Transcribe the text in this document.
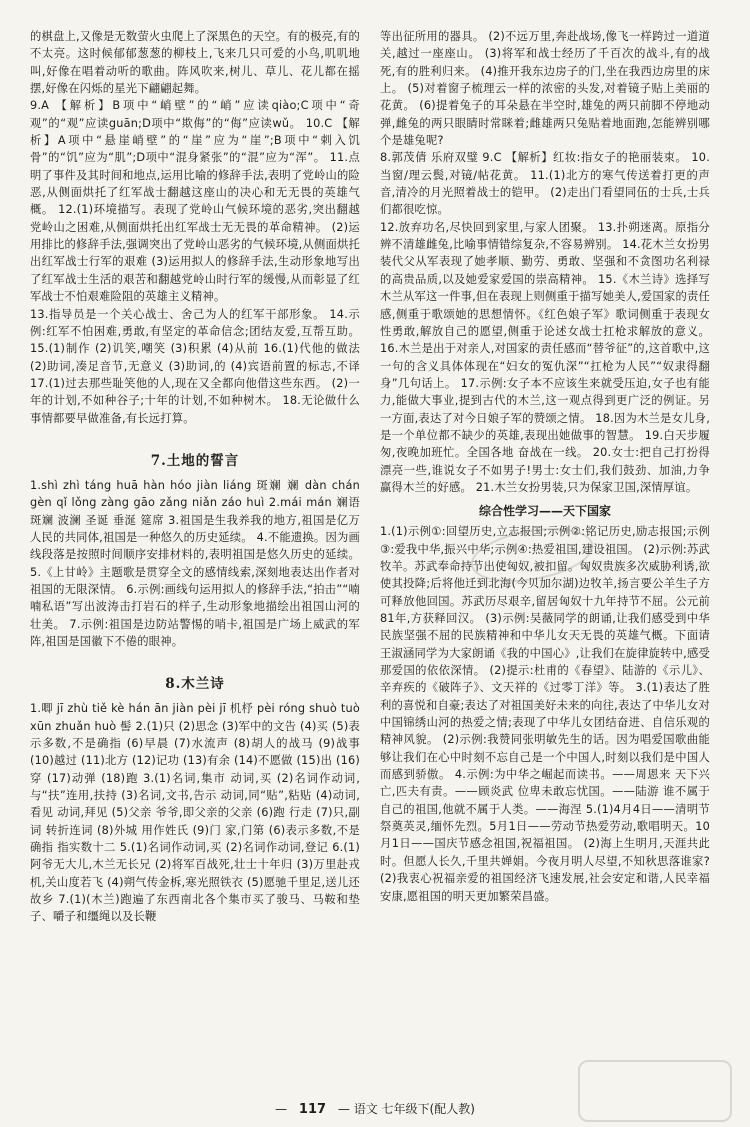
的棋盘上,又像是无数萤火虫爬上了深黑色的天空。有的极亮,有的不太亮。这时候郁郁葱葱的柳枝上,飞来几只可爱的小鸟,叽叽地叫,好像在唱着动听的歌曲。阵风吹来,树儿、草儿、花儿都在摇摆,好像在闪烁的星光下翩翩起舞。

9.A 【解析】B项中“峭壁”的“峭”应读qiào;C项中“奇观”的“观”应读guān;D项中“欺侮”的“侮”应读wǔ。 10.C 【解析】A项中“悬崖峭壁”的“崖”应为“崖”;B项中“剌入饥骨”的“饥”应为“肌”;D项中“混身紧张”的“混”应为“浑”。 11.点明了事件及其时间和地点,运用比喻的修辞手法,表明了党岭山的险恶,从侧面烘托了红军战士翻越这座山的决心和无无畏的英雄气概。 12.(1)环境描写。表现了党岭山气候环境的恶劣,突出翻越党岭山之困难,从侧面烘托出红军战士无无畏的革命精神。 (2)运用排比的修辞手法,强调突出了党岭山恶劣的气候环境,从侧面烘托出红军战士行军的艰难 (3)运用拟人的修辞手法,生动形象地写出了红军战士生活的艰苦和翻越党岭山时行军的缓慢,从而彰显了红军战士不怕艰难险阻的英雄主义精神。

13.指导员是一个关心战士、舍己为人的红军干部形象。 14.示例:红军不怕困难,勇敢,有坚定的革命信念;团结友爱,互帮互助。 15.(1)制作 (2)讥笑,嘲笑 (3)积累 (4)从前 16.(1)代他的做法 (2)助词,凑足音节,无意义 (3)助词,的 (4)宾语前置的标志,不译 17.(1)过去那些耻笑他的人,现在又全都向他借这些东西。 (2)一年的计划,不如种谷子;十年的计划,不如种树木。 18.无论做什么事情都要早做准备,有长远打算。

7.土地的誓言

1.shì zhì táng huā hàn hóo jiàn liáng 斑斓 斓 dàn chán gèn qǐ lǒng zàng gāo zǎng niǎn záo huì 2.mái mán 斓语 斑斓 波澜 圣诞 垂涎 筵席 3.祖国是生我养我的地方,祖国是亿万人民的共同体,祖国是一种悠久的历史延续。 4.不能遗换。因为画线段落是按照时间顺序安排材料的,表明祖国是悠久历史的延续。 5.《上甘岭》主题歌是贯穿全文的感情线索,深刻地表达出作者对祖国的无限深情。 6.示例:画线句运用拟人的修辞手法,“拍击”“喃喃私语”写出波涛击打岩石的样子,生动形象地描绘出祖国山河的壮美。 7.示例:祖国是边防站警惕的哨卡,祖国是广场上威武的军阵,祖国是国徽下不倦的眼神。

8.木兰诗

1.唧 jī zhù tiě kè hán ān jiàn pèi jī 机杼 pèi róng shuò tuò xūn zhuǎn huò 髻 2.(1)只 (2)思念 (3)军中的文告 (4)买 (5)表示多数,不是确指 (6)早晨 (7)水流声 (8)胡人的战马 (9)战事 (10)越过 (11)北方 (12)记功 (13)有余 (14)不愿做 (15)出 (16)穿 (17)动弹 (18)跑 3.(1)名词,集市 动词,买 (2)名词作动词,与“扶”连用,扶持 (3)名词,文书,告示 动词,同“贴”,粘贴 (4)动词,看见 动词,拜见 (5)父亲 爷爷,即父亲的父亲 (6)跑 行走 (7)只,副词 转折连词 (8)外城 用作姓氏 (9)门 家,门第 (6)表示多数,不是确指 指实数十二 5.(1)名词作动词,买 (2)名词作动词,登记 6.(1)阿爷无大儿,木兰无长兄 (2)将军百战死,壮士十年归 (3)万里赴戎机,关山度若飞 (4)朔气传金柝,寒光照铁衣 (5)愿驰千里足,送儿还故乡 7.(1)(木兰)跑遍了东西南北各个集市买了骏马、马鞍和垫子、嚼子和缰绳以及长鞭

等出征所用的器具。 (2)不远万里,奔赴战场,像飞一样跨过一道道关,越过一座座山。 (3)将军和战士经历了千百次的战斗,有的战死,有的胜利归来。 (4)推开我东边房子的门,坐在我西边房里的床上。 (5)对着窗子梳理云一样的浓密的头发,对着镜子贴上美丽的花黄。 (6)提着兔子的耳朵悬在半空时,雄兔的两只前脚不停地动弹,雌兔的两只眼睛时常眯着;雌雄两只兔贴着地面跑,怎能辨别哪个是雄兔呢?

8.郭茂倩 乐府双璧 9.C 【解析】红妆:指女子的艳丽装束。 10.当窗/理云鬓,对镜/帖花黄。 11.(1)北方的寒气传送着打更的声音,清冷的月光照着战士的铠甲。 (2)走出门看望同伍的士兵,士兵们都很吃惊。

12.放弃功名,尽快回到家里,与家人团聚。 13.扑朔迷离。原指分辨不清雄雌兔,比喻事情错综复杂,不容易辨别。 14.花木兰女扮男装代父从军表现了她孝顺、勤劳、勇敢、坚强和不贪图功名利禄的高贵品质,以及她爱家爱国的崇高精神。 15.《木兰诗》选择写木兰从军这一件事,但在表现上则侧重于描写她美人,爱国家的责任感,侧重于歌颂她的思想情怀。《红色娘子军》歌词侧重于表现女性勇敢,解放自己的愿望,侧重于论述女战士扛枪求解放的意义。 16.木兰是出于对亲人,对国家的责任感而“替爷征”的,这首歌中,这一句的含义具体体现在“妇女的冤仇深”“扛枪为人民”“奴隶得翻身”几句话上。 17.示例:女子本不应该生来就受压迫,女子也有能力,能做大事业,提到古代的木兰,这一观点得到更广泛的例证。另一方面,表达了对今日娘子军的赞颂之情。 18.因为木兰是女儿身,是一个单位都不缺少的英雄,表现出她做事的智慧。 19.白天步履匆,夜晚加班忙。全国各地 奋战在一线。 20.女士:把自己打扮得漂亮一些,谁说女子不如男子!男士:女士们,我们鼓劲、加油,力争赢得木兰的好感。 21.木兰女扮男装,只为保家卫国,深情厚谊。

综合性学习——天下国家

1.(1)示例①:回望历史,立志报国;示例②:铭记历史,励志报国;示例③:爱我中华,振兴中华;示例④:热爱祖国,建设祖国。 (2)示例:苏武牧羊。苏武奉命持节出使匈奴,被扣留。匈奴贵族多次威胁利诱,欲使其投降;后将他迁到北海(今贝加尔湖)边牧羊,扬言要公羊生子方可释放他回国。苏武历尽艰辛,留居匈奴十九年持节不屈。公元前81年,方获释回汉。 (3)示例:吴薇同学的朗诵,让我们感受到中华民族坚强不屈的民族精神和中华儿女天无畏的英雄气概。下面请王淑涵同学为大家朗诵《我的中国心》,让我们在旋律旋转中,感受那爱国的依依深情。 (2)提示:杜甫的《春望》、陆游的《示儿》、辛弃疾的《破阵子》、文天祥的《过零丁洋》等。 3.(1)表达了胜利的喜悦和自豪;表达了对祖国美好未来的向往,表达了中华儿女对中国锦绣山河的热爱之情;表现了中华儿女团结奋进、自信乐观的精神风貌。 (2)示例:我赞同张明敏先生的话。因为唱爱国歌曲能够让我们在心中时刻不忘自己是一个中国人,时刻以我们是中国人而感到骄傲。 4.示例:为中华之崛起而读书。——周恩来 天下兴亡,匹夫有责。——顾炎武 位卑未敢忘忧国。——陆游 谁不属于自己的祖国,他就不属于人类。——海涅 5.(1)4月4日——清明节祭奠英灵,缅怀先烈。5月1日——劳动节热爱劳动,歌唱明天。10月1日——国庆节感念祖国,祝福祖国。 (2)海上生明月,天涯共此时。但愿人长久,千里共婵娟。今夜月明人尽望,不知秋思落谁家? (2)我衷心祝福亲爱的祖国经济飞速发展,社会安定和谐,人民幸福安康,愿祖国的明天更加繁荣昌盛。

— 117 — 语文 七年级下(配人教)
